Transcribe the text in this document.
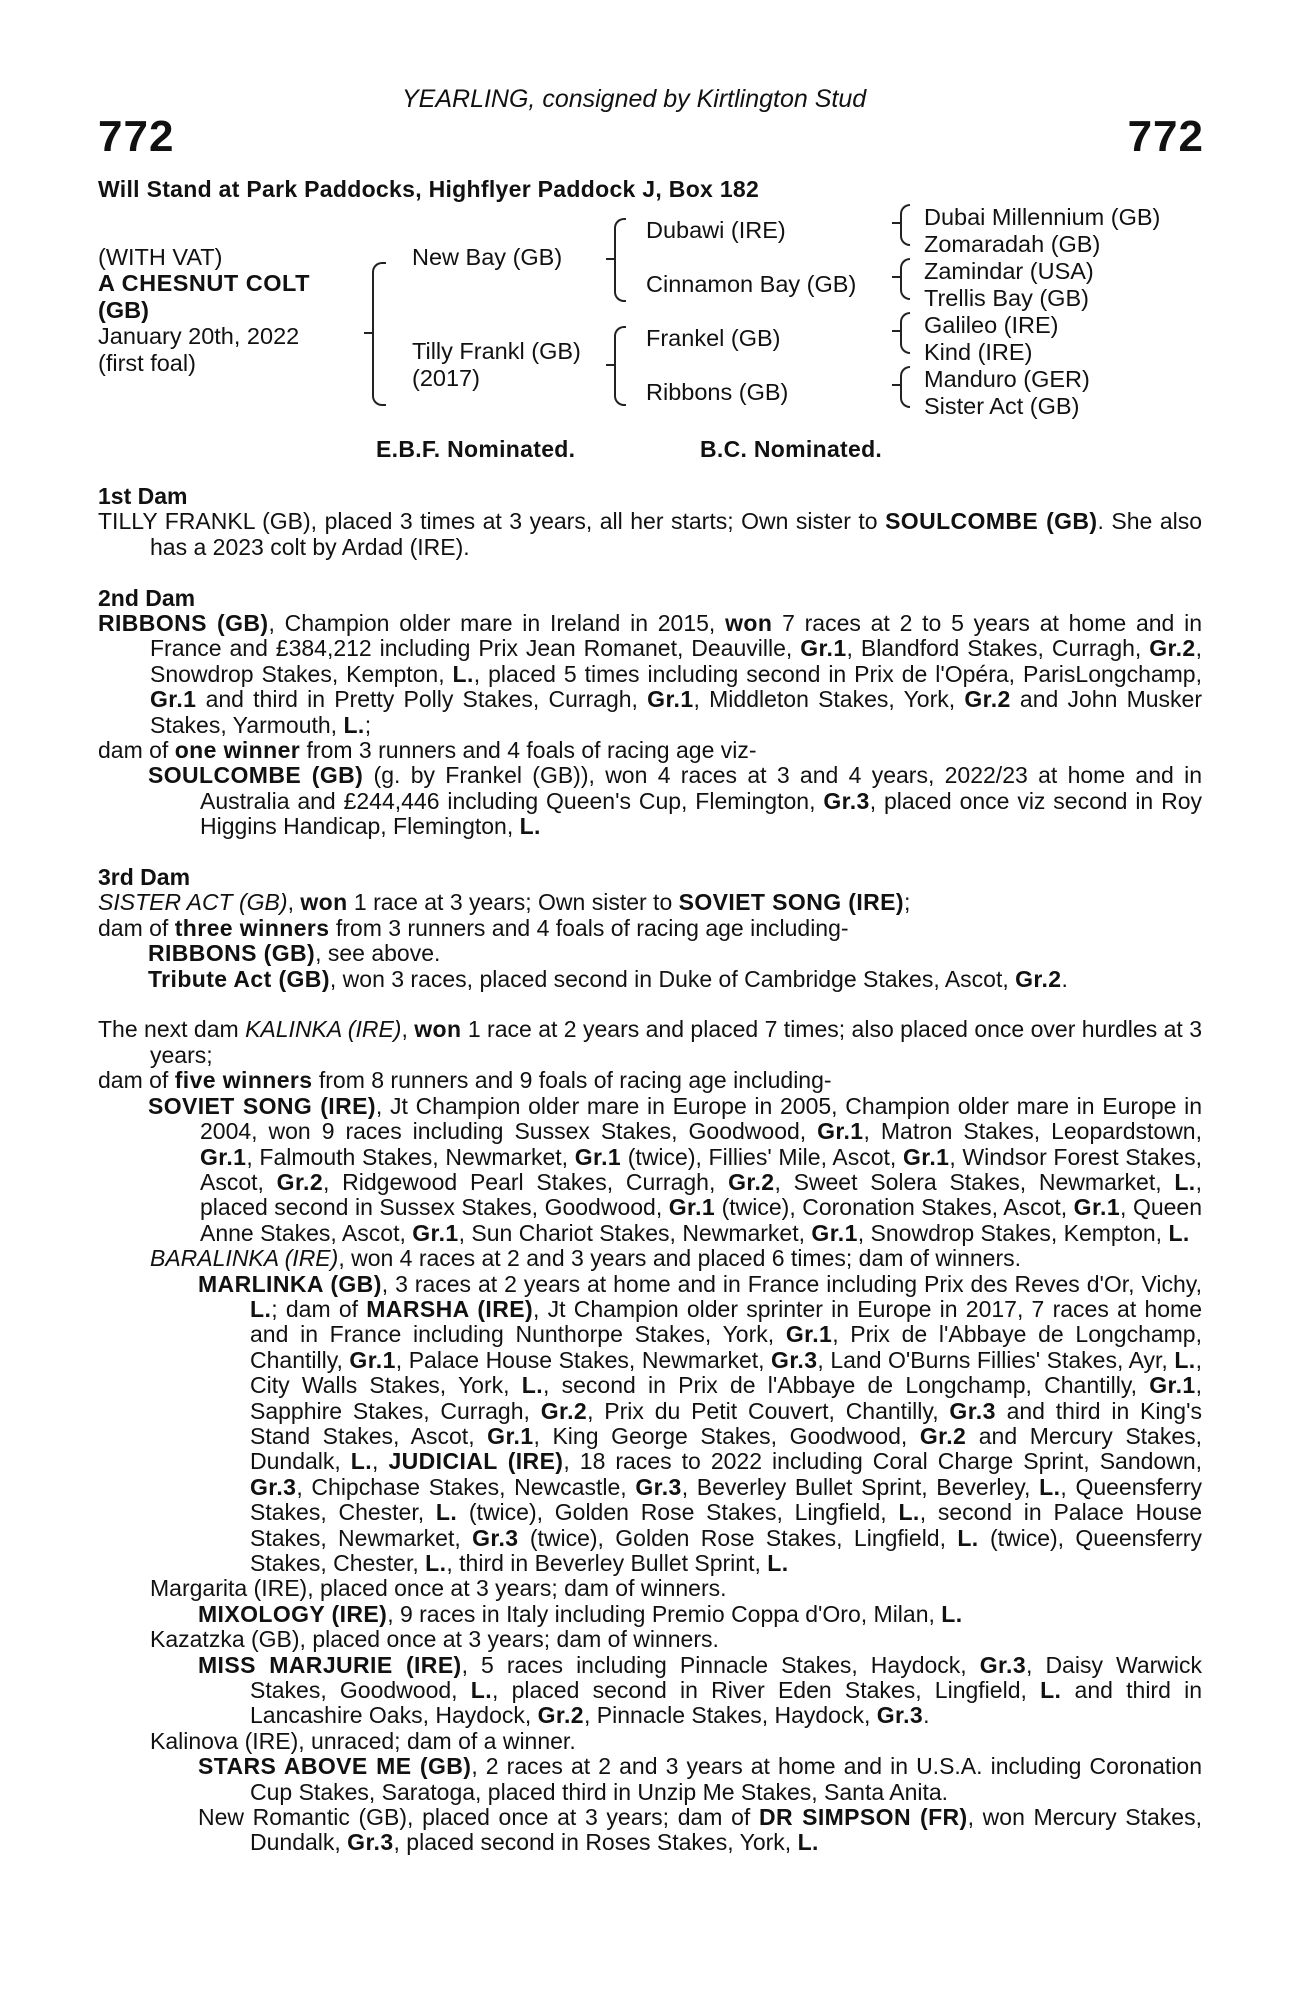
YEARLING, consigned by Kirtlington Stud
772	772
Will Stand at Park Paddocks, Highflyer Paddock J, Box 182
(WITH VAT)
A CHESNUT COLT
(GB)
January 20th, 2022
(first foal)
New Bay (GB)
Tilly Frankl (GB)
(2017)
Dubawi (IRE)
Cinnamon Bay (GB)
Frankel (GB)
Ribbons (GB)
Dubai Millennium (GB)
Zomaradah (GB)
Zamindar (USA)
Trellis Bay (GB)
Galileo (IRE)
Kind (IRE)
Manduro (GER)
Sister Act (GB)
E.B.F. Nominated.	B.C. Nominated.

1st Dam

TILLY FRANKL (GB), placed 3 times at 3 years, all her starts; Own sister to SOULCOMBE (GB). She also has a 2023 colt by Ardad (IRE).

2nd Dam

RIBBONS (GB), Champion older mare in Ireland in 2015, won 7 races at 2 to 5 years at home and in France and £384,212 including Prix Jean Romanet, Deauville, Gr.1, Blandford Stakes, Curragh, Gr.2, Snowdrop Stakes, Kempton, L., placed 5 times including second in Prix de l'Opéra, ParisLongchamp, Gr.1 and third in Pretty Polly Stakes, Curragh, Gr.1, Middleton Stakes, York, Gr.2 and John Musker Stakes, Yarmouth, L.;

dam of one winner from 3 runners and 4 foals of racing age viz-

SOULCOMBE (GB) (g. by Frankel (GB)), won 4 races at 3 and 4 years, 2022/23 at home and in Australia and £244,446 including Queen's Cup, Flemington, Gr.3, placed once viz second in Roy Higgins Handicap, Flemington, L.

3rd Dam

SISTER ACT (GB), won 1 race at 3 years; Own sister to SOVIET SONG (IRE);

dam of three winners from 3 runners and 4 foals of racing age including-

RIBBONS (GB), see above.

Tribute Act (GB), won 3 races, placed second in Duke of Cambridge Stakes, Ascot, Gr.2.

The next dam KALINKA (IRE), won 1 race at 2 years and placed 7 times; also placed once over hurdles at 3 years;

dam of five winners from 8 runners and 9 foals of racing age including-

SOVIET SONG (IRE), Jt Champion older mare in Europe in 2005, Champion older mare in Europe in 2004, won 9 races including Sussex Stakes, Goodwood, Gr.1, Matron Stakes, Leopardstown, Gr.1, Falmouth Stakes, Newmarket, Gr.1 (twice), Fillies' Mile, Ascot, Gr.1, Windsor Forest Stakes, Ascot, Gr.2, Ridgewood Pearl Stakes, Curragh, Gr.2, Sweet Solera Stakes, Newmarket, L., placed second in Sussex Stakes, Goodwood, Gr.1 (twice), Coronation Stakes, Ascot, Gr.1, Queen Anne Stakes, Ascot, Gr.1, Sun Chariot Stakes, Newmarket, Gr.1, Snowdrop Stakes, Kempton, L.

BARALINKA (IRE), won 4 races at 2 and 3 years and placed 6 times; dam of winners.

MARLINKA (GB), 3 races at 2 years at home and in France including Prix des Reves d'Or, Vichy, L.; dam of MARSHA (IRE), Jt Champion older sprinter in Europe in 2017, 7 races at home and in France including Nunthorpe Stakes, York, Gr.1, Prix de l'Abbaye de Longchamp, Chantilly, Gr.1, Palace House Stakes, Newmarket, Gr.3, Land O'Burns Fillies' Stakes, Ayr, L., City Walls Stakes, York, L., second in Prix de l'Abbaye de Longchamp, Chantilly, Gr.1, Sapphire Stakes, Curragh, Gr.2, Prix du Petit Couvert, Chantilly, Gr.3 and third in King's Stand Stakes, Ascot, Gr.1, King George Stakes, Goodwood, Gr.2 and Mercury Stakes, Dundalk, L., JUDICIAL (IRE), 18 races to 2022 including Coral Charge Sprint, Sandown, Gr.3, Chipchase Stakes, Newcastle, Gr.3, Beverley Bullet Sprint, Beverley, L., Queensferry Stakes, Chester, L. (twice), Golden Rose Stakes, Lingfield, L., second in Palace House Stakes, Newmarket, Gr.3 (twice), Golden Rose Stakes, Lingfield, L. (twice), Queensferry Stakes, Chester, L., third in Beverley Bullet Sprint, L.

Margarita (IRE), placed once at 3 years; dam of winners.

MIXOLOGY (IRE), 9 races in Italy including Premio Coppa d'Oro, Milan, L.

Kazatzka (GB), placed once at 3 years; dam of winners.

MISS MARJURIE (IRE), 5 races including Pinnacle Stakes, Haydock, Gr.3, Daisy Warwick Stakes, Goodwood, L., placed second in River Eden Stakes, Lingfield, L. and third in Lancashire Oaks, Haydock, Gr.2, Pinnacle Stakes, Haydock, Gr.3.

Kalinova (IRE), unraced; dam of a winner.

STARS ABOVE ME (GB), 2 races at 2 and 3 years at home and in U.S.A. including Coronation Cup Stakes, Saratoga, placed third in Unzip Me Stakes, Santa Anita.

New Romantic (GB), placed once at 3 years; dam of DR SIMPSON (FR), won Mercury Stakes, Dundalk, Gr.3, placed second in Roses Stakes, York, L.
